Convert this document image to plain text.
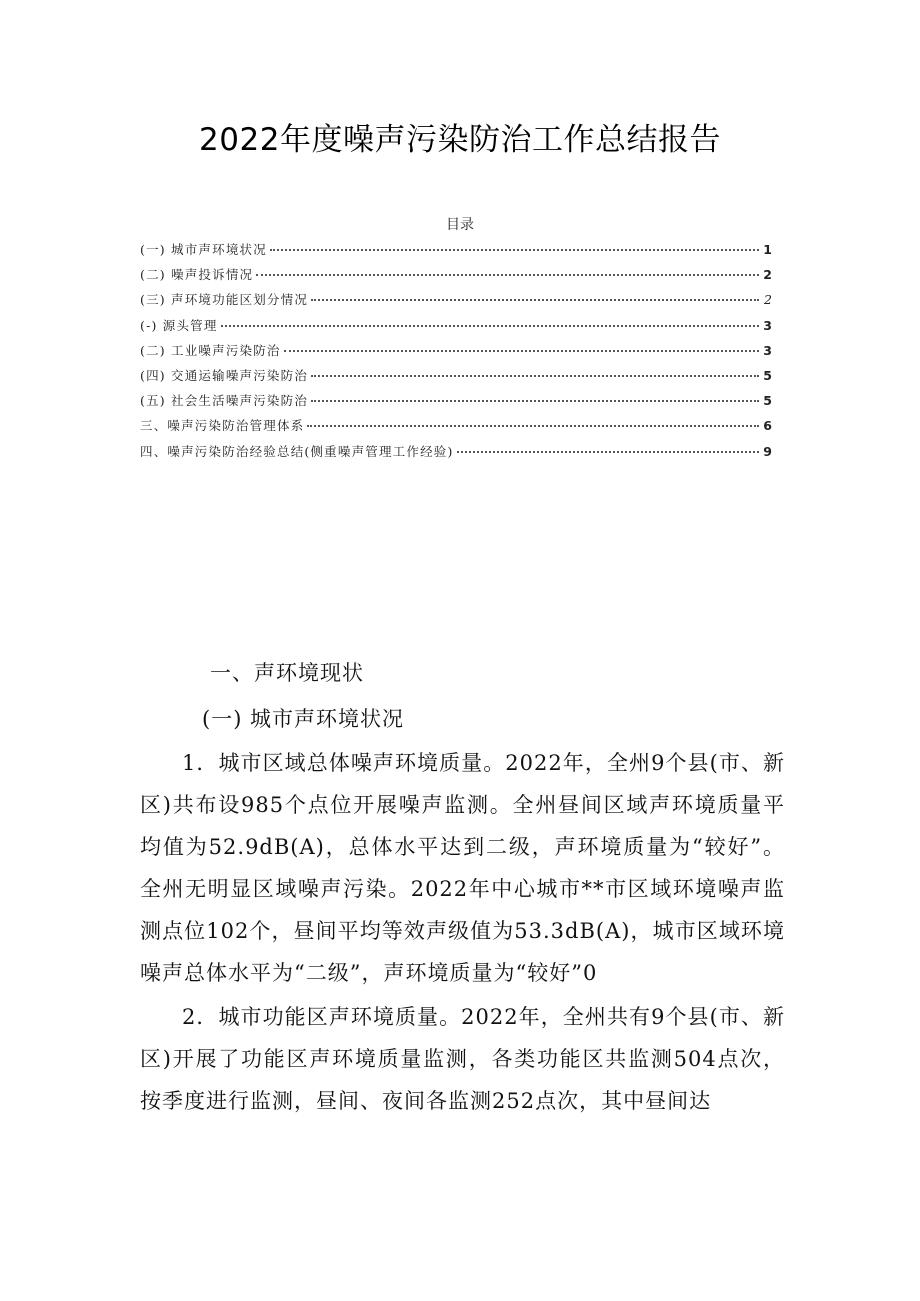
2022年度噪声污染防治工作总结报告
目录
(一) 城市声环境状况	1
(二) 噪声投诉情况	2
(三) 声环境功能区划分情况	2
(-) 源头管理	3
(二) 工业噪声污染防治	3
(四) 交通运输噪声污染防治	5
(五) 社会生活噪声污染防治	5
三、噪声污染防治管理体系	6
四、噪声污染防治经验总结(侧重噪声管理工作经验)	9
一、声环境现状
(一) 城市声环境状况

1．城市区域总体噪声环境质量。2022年，全州9个县(市、新区)共布设985个点位开展噪声监测。全州昼间区域声环境质量平均值为52.9dB(A)，总体水平达到二级，声环境质量为“较好”。全州无明显区域噪声污染。2022年中心城市**市区域环境噪声监测点位102个，昼间平均等效声级值为53.3dB(A)，城市区域环境噪声总体水平为“二级”，声环境质量为“较好”0

2．城市功能区声环境质量。2022年，全州共有9个县(市、新区)开展了功能区声环境质量监测，各类功能区共监测504点次，按季度进行监测，昼间、夜间各监测252点次，其中昼间达
